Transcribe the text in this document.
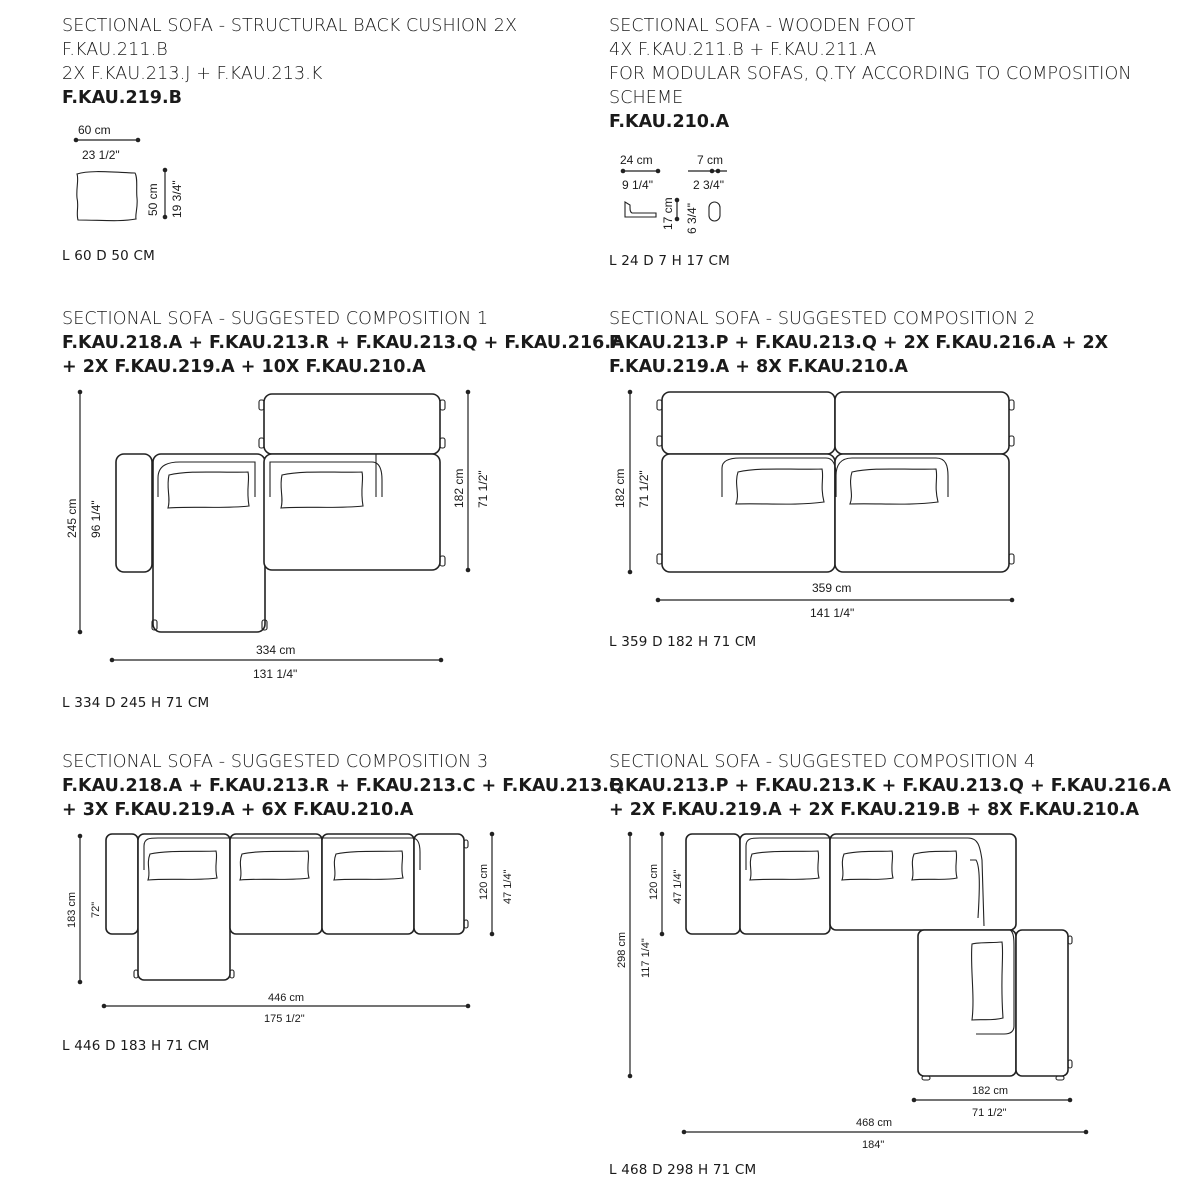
SECTIONAL SOFA - STRUCTURAL BACK CUSHION 2X
F.KAU.211.B
2X F.KAU.213.J + F.KAU.213.K
F.KAU.219.B
60 cm
23 1/2"
50 cm 19 3/4"
L 60 D 50 CM
SECTIONAL SOFA - WOODEN FOOT
4X F.KAU.211.B + F.KAU.211.A
FOR MODULAR SOFAS, Q.TY ACCORDING TO COMPOSITION
SCHEME
F.KAU.210.A
24 cm
9 1/4"
7 cm
2 3/4"
17 cm 6 3/4"
L 24 D 7 H 17 CM
SECTIONAL SOFA - SUGGESTED COMPOSITION 1
F.KAU.218.A + F.KAU.213.R + F.KAU.213.Q + F.KAU.216.A
+ 2X F.KAU.219.A + 10X F.KAU.210.A
245 cm 96 1/4"
182 cm 71 1/2"
334 cm
131 1/4"
L 334 D 245 H 71 CM
SECTIONAL SOFA - SUGGESTED COMPOSITION 2
F.KAU.213.P + F.KAU.213.Q + 2X F.KAU.216.A + 2X
F.KAU.219.A + 8X F.KAU.210.A
182 cm 71 1/2"
359 cm
141 1/4"
L 359 D 182 H 71 CM
SECTIONAL SOFA - SUGGESTED COMPOSITION 3
F.KAU.218.A + F.KAU.213.R + F.KAU.213.C + F.KAU.213.Q
+ 3X F.KAU.219.A + 6X F.KAU.210.A
183 cm 72"
120 cm 47 1/4"
446 cm
175 1/2"
L 446 D 183 H 71 CM
SECTIONAL SOFA - SUGGESTED COMPOSITION 4
F.KAU.213.P + F.KAU.213.K + F.KAU.213.Q + F.KAU.216.A
+ 2X F.KAU.219.A + 2X F.KAU.219.B + 8X F.KAU.210.A
298 cm 117 1/4"
120 cm 47 1/4"
182 cm
71 1/2"
468 cm
184"
L 468 D 298 H 71 CM
